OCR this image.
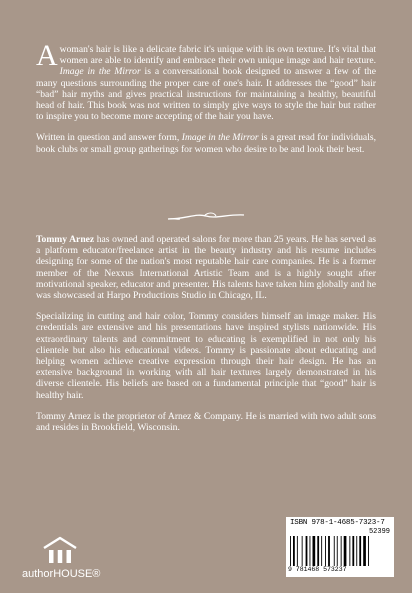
A woman's hair is like a delicate fabric it's unique with its own texture. It's vital that women are able to identify and embrace their own unique image and hair texture. Image in the Mirror is a conversational book designed to answer a few of the many questions surrounding the proper care of one's hair. It addresses the “good” hair “bad” hair myths and gives practical instructions for maintaining a healthy, beautiful head of hair. This book was not written to simply give ways to style the hair but rather to inspire you to become more accepting of the hair you have.

Written in question and answer form, Image in the Mirror is a great read for individuals, book clubs or small group gatherings for women who desire to be and look their best.

Tommy Arnez has owned and operated salons for more than 25 years. He has served as a platform educator/freelance artist in the beauty industry and his resume includes designing for some of the nation's most reputable hair care companies. He is a former member of the Nexxus International Artistic Team and is a highly sought after motivational speaker, educator and presenter. His talents have taken him globally and he was showcased at Harpo Productions Studio in Chicago, IL.

Specializing in cutting and hair color, Tommy considers himself an image maker. His credentials are extensive and his presentations have inspired stylists nationwide. His extraordinary talents and commitment to educating is exemplified in not only his clientele but also his educational videos. Tommy is passionate about educating and helping women achieve creative expression through their hair design. He has an extensive background in working with all hair textures largely demonstrated in his diverse clientele. His beliefs are based on a fundamental principle that “good” hair is healthy hair.

Tommy Arnez is the proprietor of Arnez & Company. He is married with two adult sons and resides in Brookfield, Wisconsin.

authorHOUSE®
ISBN 978-1-4685-7323-7
52399
9 781468 573237
